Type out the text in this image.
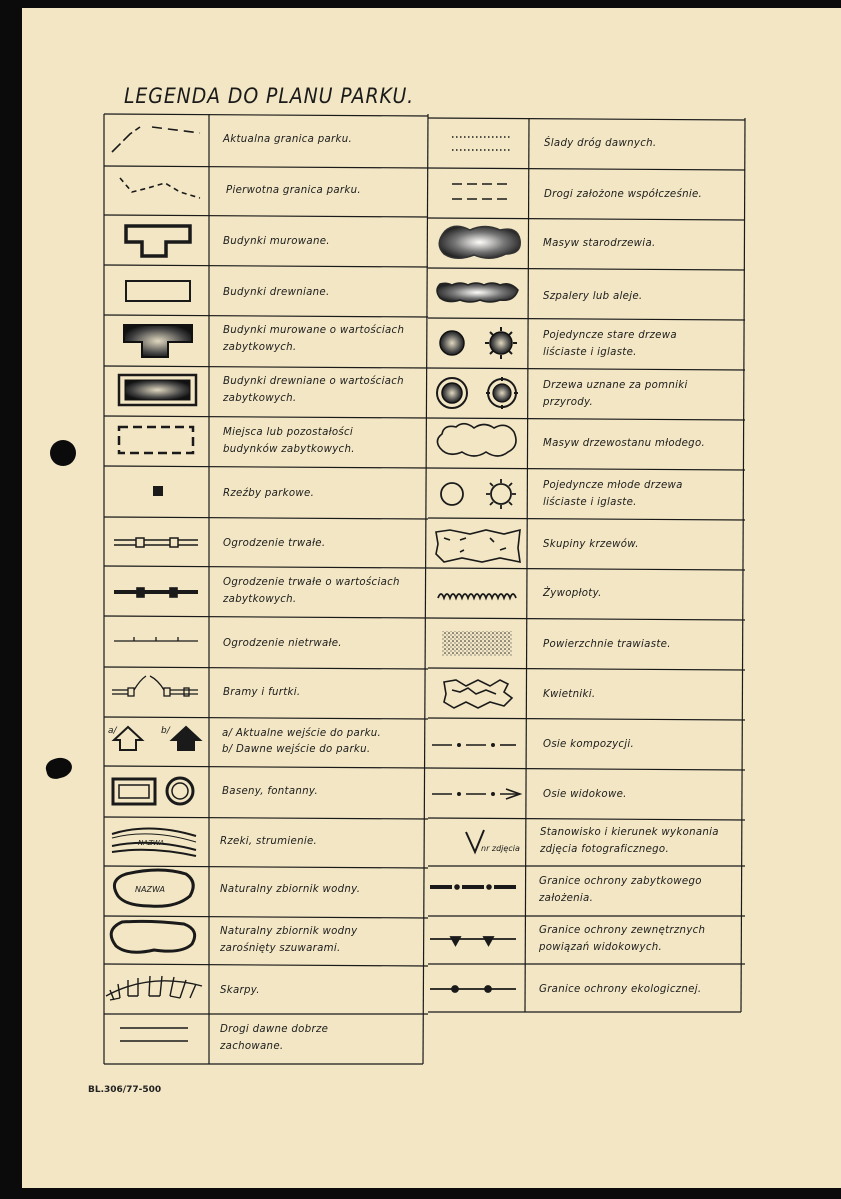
LEGENDA DO PLANU PARKU.
a/	b/
NAZWA
NAZWA
nr zdjęcia
Aktualna granica parku.
Pierwotna granica parku.
Budynki murowane.
Budynki drewniane.
Budynki murowane o wartościach zabytkowych.
Budynki drewniane o wartościach zabytkowych.
Miejsca lub pozostałości budynków zabytkowych.
Rzeźby parkowe.
Ogrodzenie trwałe.
Ogrodzenie trwałe o wartościach zabytkowych.
Ogrodzenie nietrwałe.
Bramy i furtki.
a/ Aktualne wejście do parku.
b/ Dawne wejście do parku.
Baseny, fontanny.
Rzeki, strumienie.
Naturalny zbiornik wodny.
Naturalny zbiornik wodny zarośnięty szuwarami.
Skarpy.
Drogi dawne dobrze zachowane.
Ślady dróg dawnych.
Drogi założone współcześnie.
Masyw starodrzewia.
Szpalery lub aleje.
Pojedyncze stare drzewa liściaste i iglaste.
Drzewa uznane za pomniki przyrody.
Masyw drzewostanu młodego.
Pojedyncze młode drzewa liściaste i iglaste.
Skupiny krzewów.
Żywopłoty.
Powierzchnie trawiaste.
Kwietniki.
Osie kompozycji.
Osie widokowe.
Stanowisko i kierunek wykonania zdjęcia fotograficznego.
Granice ochrony zabytkowego założenia.
Granice ochrony zewnętrznych powiązań widokowych.
Granice ochrony ekologicznej.
BL.306/77-500
